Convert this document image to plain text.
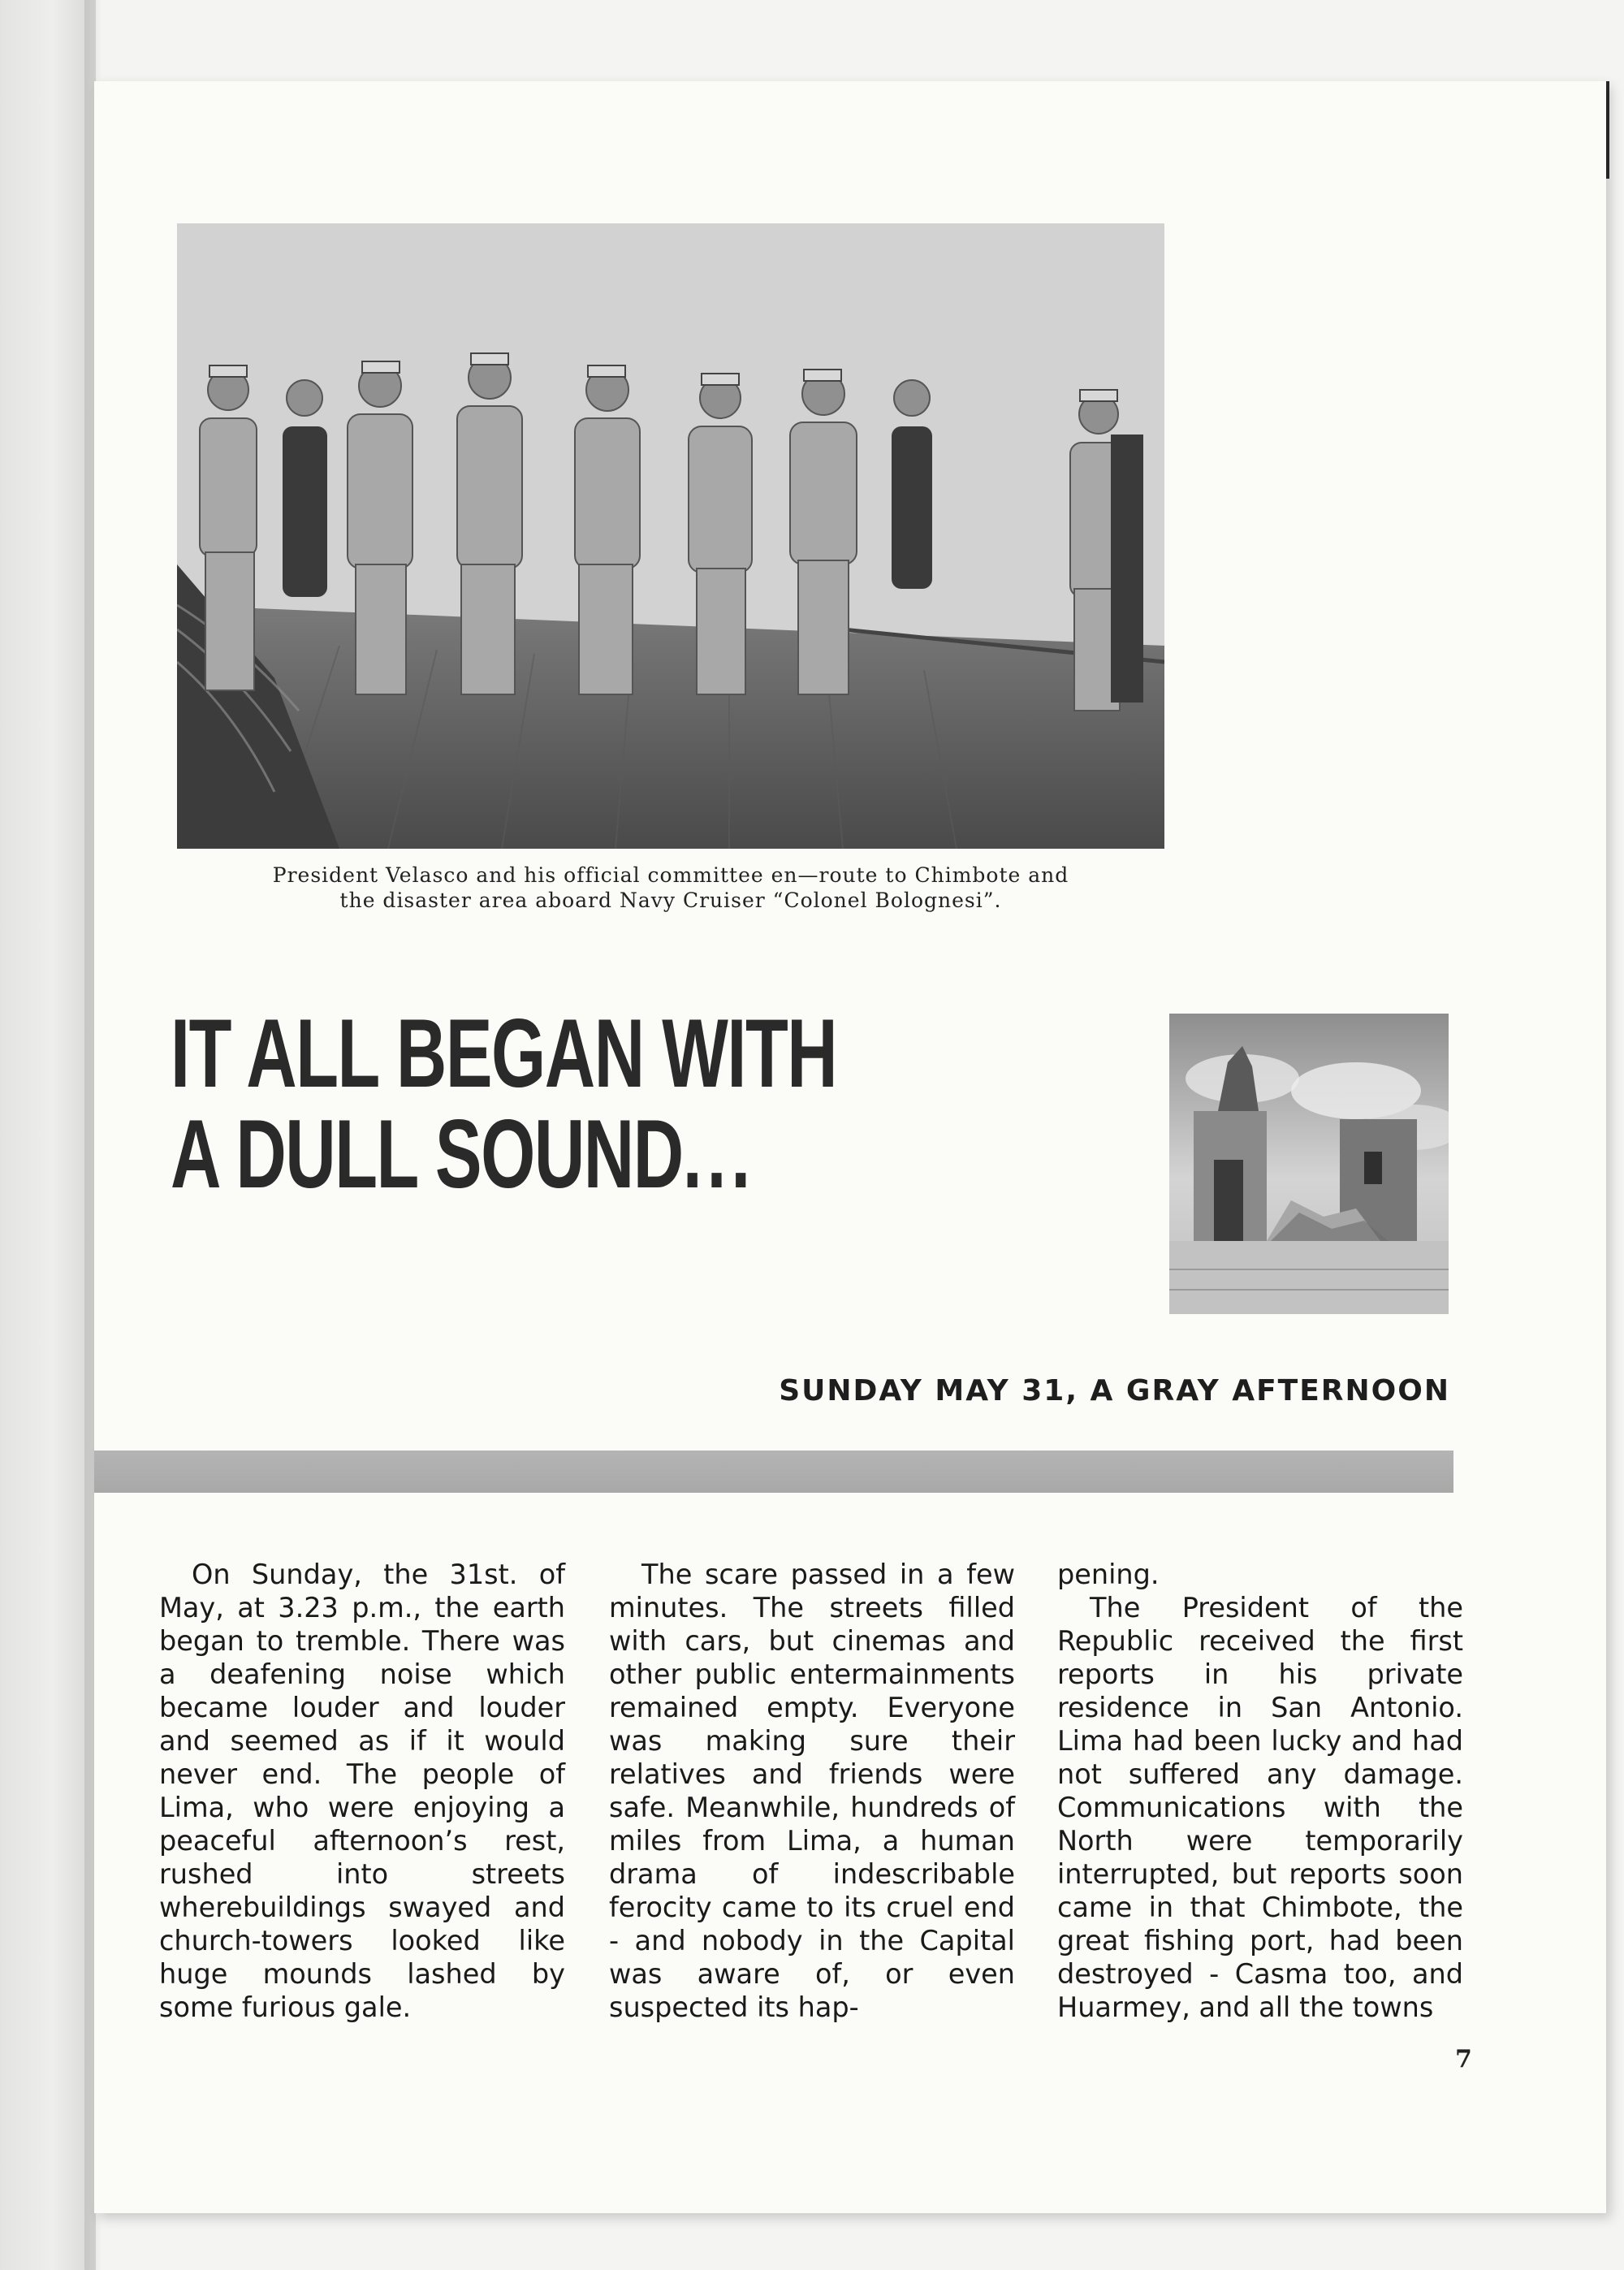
President Velasco and his official committee en—route to Chimbote and
the disaster area aboard Navy Cruiser “Colonel Bolognesi”.
IT ALL BEGAN WITH
A DULL SOUND...
SUNDAY MAY 31, A GRAY AFTERNOON

On Sunday, the 31st. of May, at 3.23 p.m., the earth began to tremble. There was a deafening noise which became louder and louder and seemed as if it would never end. The people of Lima, who were enjoying a peaceful afternoon’s rest, rushed into streets wherebuildings swayed and church-towers looked like huge mounds lashed by some furious gale.

The scare passed in a few minutes. The streets filled with cars, but cinemas and other public entermainments remained empty. Everyone was making sure their relatives and friends were safe. Meanwhile, hundreds of miles from Lima, a human drama of indescribable ferocity came to its cruel end - and nobody in the Capital was aware of, or even suspected its hap-

pening.

The President of the Republic received the first reports in his private residence in San Antonio. Lima had been lucky and had not suffered any damage. Communications with the North were temporarily interrupted, but reports soon came in that Chimbote, the great fishing port, had been destroyed - Casma too, and Huarmey, and all the towns

7
